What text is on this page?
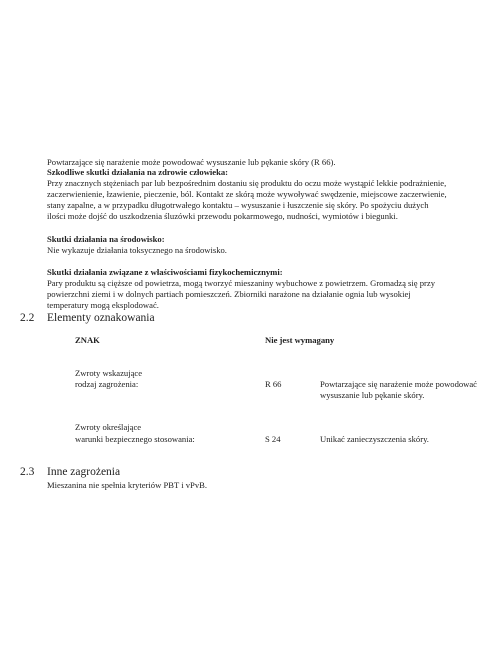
Powtarzające się narażenie może powodować wysuszanie lub pękanie skóry (R 66).
Szkodliwe skutki działania na zdrowie człowieka:
Przy znacznych stężeniach par lub bezpośrednim dostaniu się produktu do oczu może wystąpić lekkie podrażnienie,
zaczerwienienie, łzawienie, pieczenie, ból. Kontakt ze skórą może wywoływać swędzenie, miejscowe zaczerwienie,
stany zapalne, a w przypadku długotrwałego kontaktu – wysuszanie i łuszczenie się skóry. Po spożyciu dużych
ilości może dojść do uszkodzenia śluzówki przewodu pokarmowego, nudności, wymiotów i biegunki.
Skutki działania na środowisko:
Nie wykazuje działania toksycznego na środowisko.
Skutki działania związane z właściwościami fizykochemicznymi:
Pary produktu są cięższe od powietrza, mogą tworzyć mieszaniny wybuchowe z powietrzem. Gromadzą się przy
powierzchni ziemi i w dolnych partiach pomieszczeń. Zbiorniki narażone na działanie ognia lub wysokiej
temperatury mogą eksplodować.
2.2 Elementy oznakowania
ZNAK	Nie jest wymagany
Zwroty wskazujące
rodzaj zagrożenia:	R 66	Powtarzające się narażenie może powodować
wysuszanie lub pękanie skóry.
Zwroty określające
warunki bezpiecznego stosowania:	S 24	Unikać zanieczyszczenia skóry.
2.3 Inne zagrożenia
Mieszanina nie spełnia kryteriów PBT i vPvB.
